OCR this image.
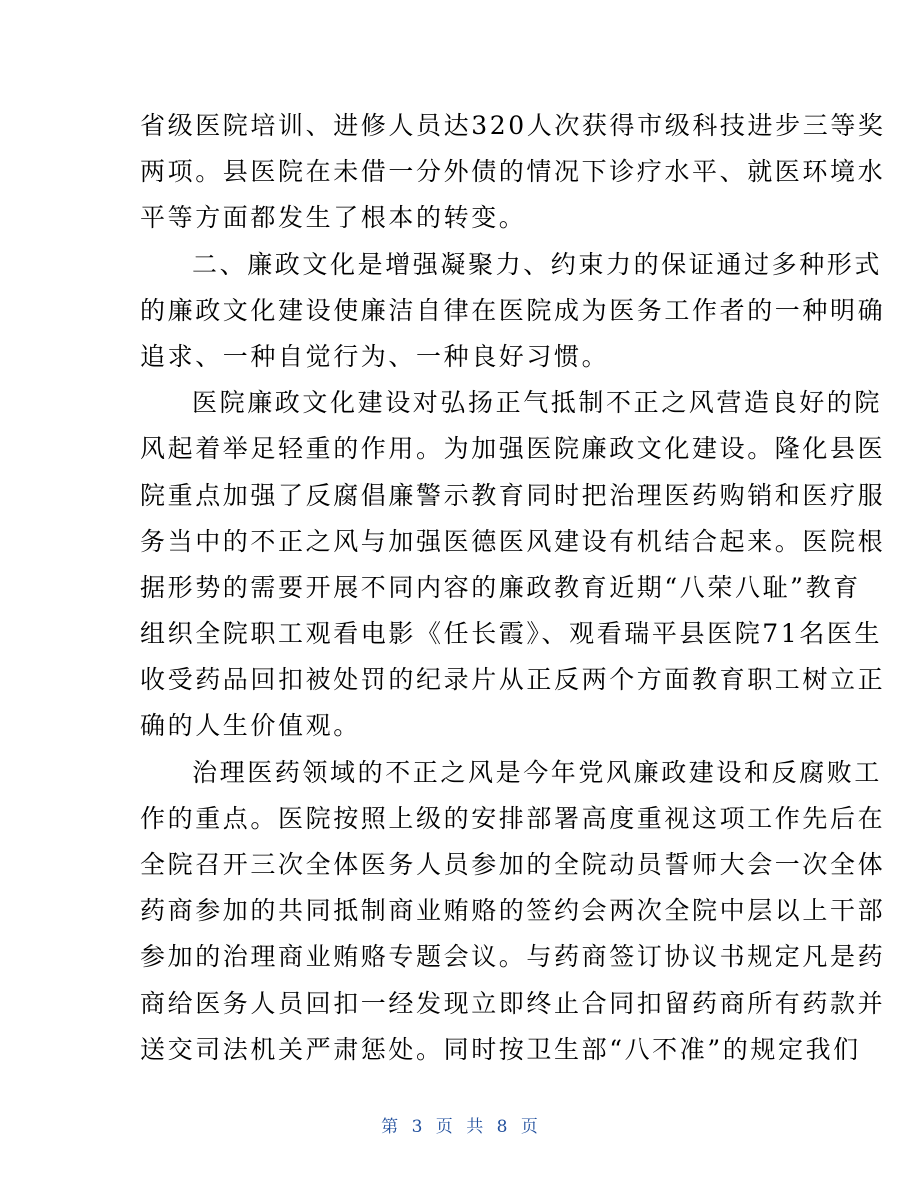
省级医院培训、进修人员达320人次获得市级科技进步三等奖
两项。县医院在未借一分外债的情况下诊疗水平、就医环境水
平等方面都发生了根本的转变。
二、廉政文化是增强凝聚力、约束力的保证通过多种形式
的廉政文化建设使廉洁自律在医院成为医务工作者的一种明确
追求、一种自觉行为、一种良好习惯。
医院廉政文化建设对弘扬正气抵制不正之风营造良好的院
风起着举足轻重的作用。为加强医院廉政文化建设。隆化县医
院重点加强了反腐倡廉警示教育同时把治理医药购销和医疗服
务当中的不正之风与加强医德医风建设有机结合起来。医院根
据形势的需要开展不同内容的廉政教育近期“八荣八耻”教育
组织全院职工观看电影《任长霞》、观看瑞平县医院71名医生
收受药品回扣被处罚的纪录片从正反两个方面教育职工树立正
确的人生价值观。
治理医药领域的不正之风是今年党风廉政建设和反腐败工
作的重点。医院按照上级的安排部署高度重视这项工作先后在
全院召开三次全体医务人员参加的全院动员誓师大会一次全体
药商参加的共同抵制商业贿赂的签约会两次全院中层以上干部
参加的治理商业贿赂专题会议。与药商签订协议书规定凡是药
商给医务人员回扣一经发现立即终止合同扣留药商所有药款并
送交司法机关严肃惩处。同时按卫生部“八不准”的规定我们
第 3 页 共 8 页
